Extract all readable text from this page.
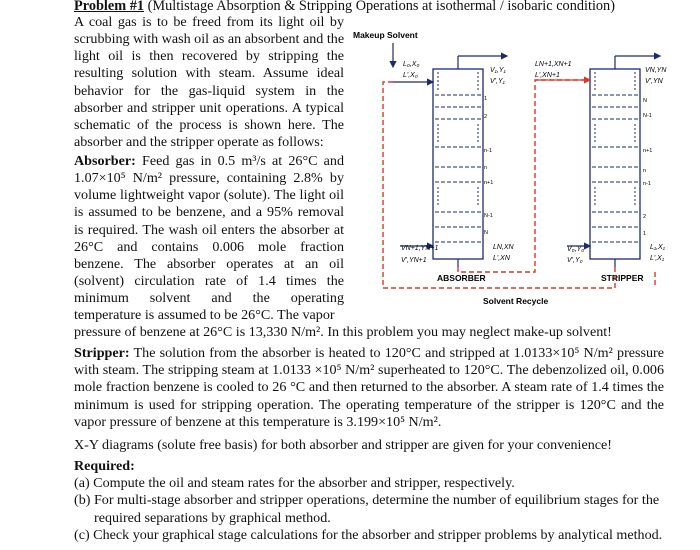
Problem #1 (Multistage Absorption & Stripping Operations at isothermal / isobaric condition)
A coal gas is to be freed from its light oil by
scrubbing with wash oil as an absorbent and the
light oil is then recovered by stripping the
resulting solution with steam. Assume ideal
behavior for the gas-liquid system in the
absorber and stripper unit operations. A typical
schematic of the process is shown here. The
absorber and the stripper operate as follows:
Absorber: Feed gas in 0.5 m³/s at 26°C and
1.07×10⁵ N/m² pressure, containing 2.8% by
volume lightweight vapor (solute). The light oil
is assumed to be benzene, and a 95% removal
is required. The wash oil enters the absorber at
26°C and contains 0.006 mole fraction
benzene. The absorber operates at an oil
(solvent) circulation rate of 1.4 times the
minimum solvent and the operating
temperature is assumed to be 26°C. The vapor
pressure of benzene at 26°C is 13,330 N/m². In this problem you may neglect make-up solvent!
Stripper: The solution from the absorber is heated to 120°C and stripped at 1.0133×10⁵ N/m² pressure
with steam. The stripping steam at 1.0133 ×10⁵ N/m² superheated to 120°C. The debenzolized oil, 0.006
mole fraction benzene is cooled to 26 °C and then returned to the absorber. A steam rate of 1.4 times the
minimum is used for stripping operation. The operating temperature of the stripper is 120°C and the
vapor pressure of benzene at this temperature is 3.199×10⁵ N/m².
X-Y diagrams (solute free basis) for both absorber and stripper are given for your convenience!
Required:
(a) Compute the oil and steam rates for the absorber and stripper, respectively.
(b) For multi-stage absorber and stripper operations, determine the number of equilibrium stages for the
required separations by graphical method.
(c) Check your graphical stage calculations for the absorber and stripper problems by analytical method.
Makeup Solvent
1
2
n-1
n
n+1
N-1
N
L₀,X₀
L',X₀
V₁,Y₁
V',Y₁
VN+1,YN+1
V',YN+1
LN,XN
L',XN
ABSORBER
N
N-1
n+1
n
n-1
2
1
VN,YN
V',YN
LN+1,XN+1
L',XN+1
V₀,Y₀
V',Y₀
L₁,X₁
L',X₁
STRIPPER
Solvent Recycle
